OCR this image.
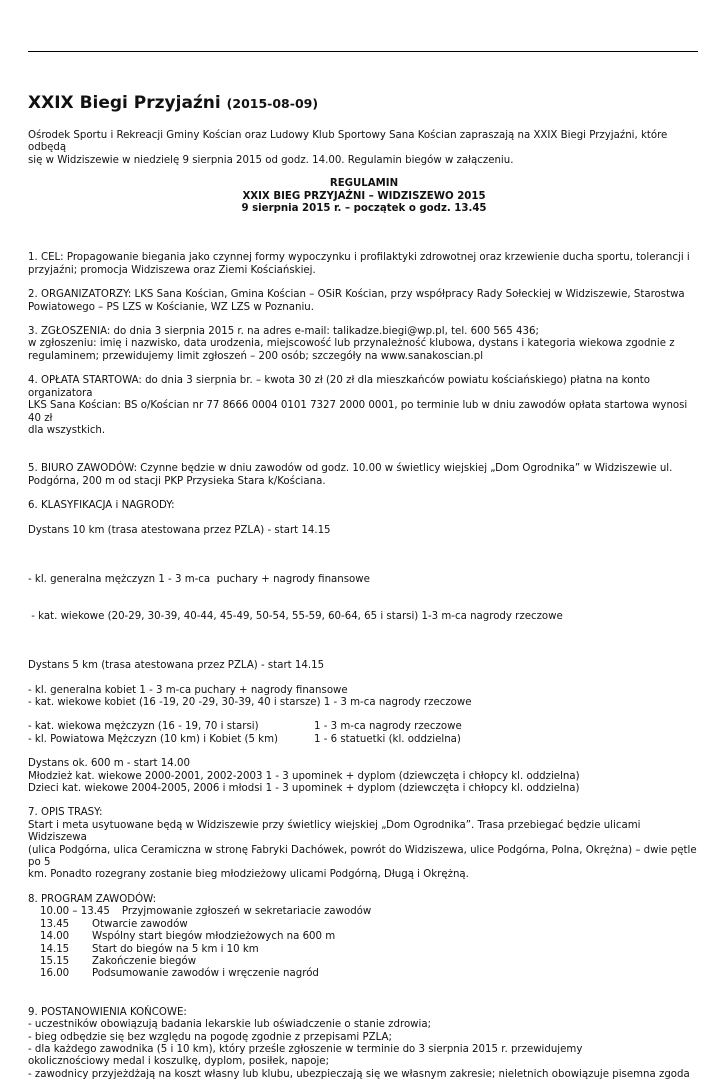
XXIX Biegi Przyjaźni (2015-08-09)

Ośrodek Sportu i Rekreacji Gminy Kościan oraz Ludowy Klub Sportowy Sana Kościan zapraszają na XXIX Biegi Przyjaźni, które odbędą

się w Widziszewie w niedzielę 9 sierpnia 2015 od godz. 14.00. Regulamin biegów w załączeniu.

REGULAMIN

XXIX BIEG PRZYJAŹNI – WIDZISZEWO 2015

9 sierpnia 2015 r. – początek o godz. 13.45

1. CEL: Propagowanie biegania jako czynnej formy wypoczynku i profilaktyki zdrowotnej oraz krzewienie ducha sportu, tolerancji i

przyjaźni; promocja Widziszewa oraz Ziemi Kościańskiej.

2. ORGANIZATORZY: LKS Sana Kościan, Gmina Kościan – OSiR Kościan, przy współpracy Rady Sołeckiej w Widziszewie, Starostwa

Powiatowego – PS LZS w Kościanie, WZ LZS w Poznaniu.

3. ZGŁOSZENIA: do dnia 3 sierpnia 2015 r. na adres e-mail: talikadze.biegi@wp.pl, tel. 600 565 436;

w zgłoszeniu: imię i nazwisko, data urodzenia, miejscowość lub przynależność klubowa, dystans i kategoria wiekowa zgodnie z

regulaminem; przewidujemy limit zgłoszeń – 200 osób; szczegóły na www.sanakoscian.pl

4. OPŁATA STARTOWA: do dnia 3 sierpnia br. – kwota 30 zł (20 zł dla mieszkańców powiatu kościańskiego) płatna na konto organizatora

LKS Sana Kościan: BS o/Kościan nr 77 8666 0004 0101 7327 2000 0001, po terminie lub w dniu zawodów opłata startowa wynosi 40 zł

dla wszystkich.

5. BIURO ZAWODÓW: Czynne będzie w dniu zawodów od godz. 10.00 w świetlicy wiejskiej „Dom Ogrodnika” w Widziszewie ul.

Podgórna, 200 m od stacji PKP Przysieka Stara k/Kościana.

6. KLASYFIKACJA i NAGRODY:

Dystans 10 km (trasa atestowana przez PZLA) - start 14.15

- kl. generalna mężczyzn 1 - 3 m-ca  puchary + nagrody finansowe

- kat. wiekowe (20-29, 30-39, 40-44, 45-49, 50-54, 55-59, 60-64, 65 i starsi) 1-3 m-ca nagrody rzeczowe

Dystans 5 km (trasa atestowana przez PZLA) - start 14.15

- kl. generalna kobiet 1 - 3 m-ca puchary + nagrody finansowe

- kat. wiekowe kobiet (16 -19, 20 -29, 30-39, 40 i starsze) 1 - 3 m-ca nagrody rzeczowe

- kat. wiekowa mężczyzn (16 - 19, 70 i starsi)	1 - 3 m-ca nagrody rzeczowe
- kl. Powiatowa Mężczyzn (10 km) i Kobiet (5 km)	1 - 6 statuetki (kl. oddzielna)

Dystans ok. 600 m - start 14.00

Młodzież kat. wiekowe 2000-2001, 2002-2003 1 - 3 upominek + dyplom (dziewczęta i chłopcy kl. oddzielna)

Dzieci kat. wiekowe 2004-2005, 2006 i młodsi 1 - 3 upominek + dyplom (dziewczęta i chłopcy kl. oddzielna)

7. OPIS TRASY:

Start i meta usytuowane będą w Widziszewie przy świetlicy wiejskiej „Dom Ogrodnika”. Trasa przebiegać będzie ulicami Widziszewa

(ulica Podgórna, ulica Ceramiczna w stronę Fabryki Dachówek, powrót do Widziszewa, ulice Podgórna, Polna, Okrężna) – dwie pętle po 5

km. Ponadto rozegrany zostanie bieg młodzieżowy ulicami Podgórną, Długą i Okrężną.

8. PROGRAM ZAWODÓW:

10.00 – 13.45 Przyjmowanie zgłoszeń w sekretariacie zawodów
13.45	Otwarcie zawodów
14.00	Wspólny start biegów młodzieżowych na 600 m
14.15	Start do biegów na 5 km i 10 km
15.15	Zakończenie biegów
16.00	Podsumowanie zawodów i wręczenie nagród

9. POSTANOWIENIA KOŃCOWE:

- uczestników obowiązują badania lekarskie lub oświadczenie o stanie zdrowia;

- bieg odbędzie się bez względu na pogodę zgodnie z przepisami PZLA;

- dla każdego zawodnika (5 i 10 km), który prześle zgłoszenie w terminie do 3 sierpnia 2015 r. przewidujemy

okolicznościowy medal i koszulkę, dyplom, posiłek, napoje;

- zawodnicy przyjeżdżają na koszt własny lub klubu, ubezpieczają się we własnym zakresie; nieletnich obowiązuje pisemna zgoda
